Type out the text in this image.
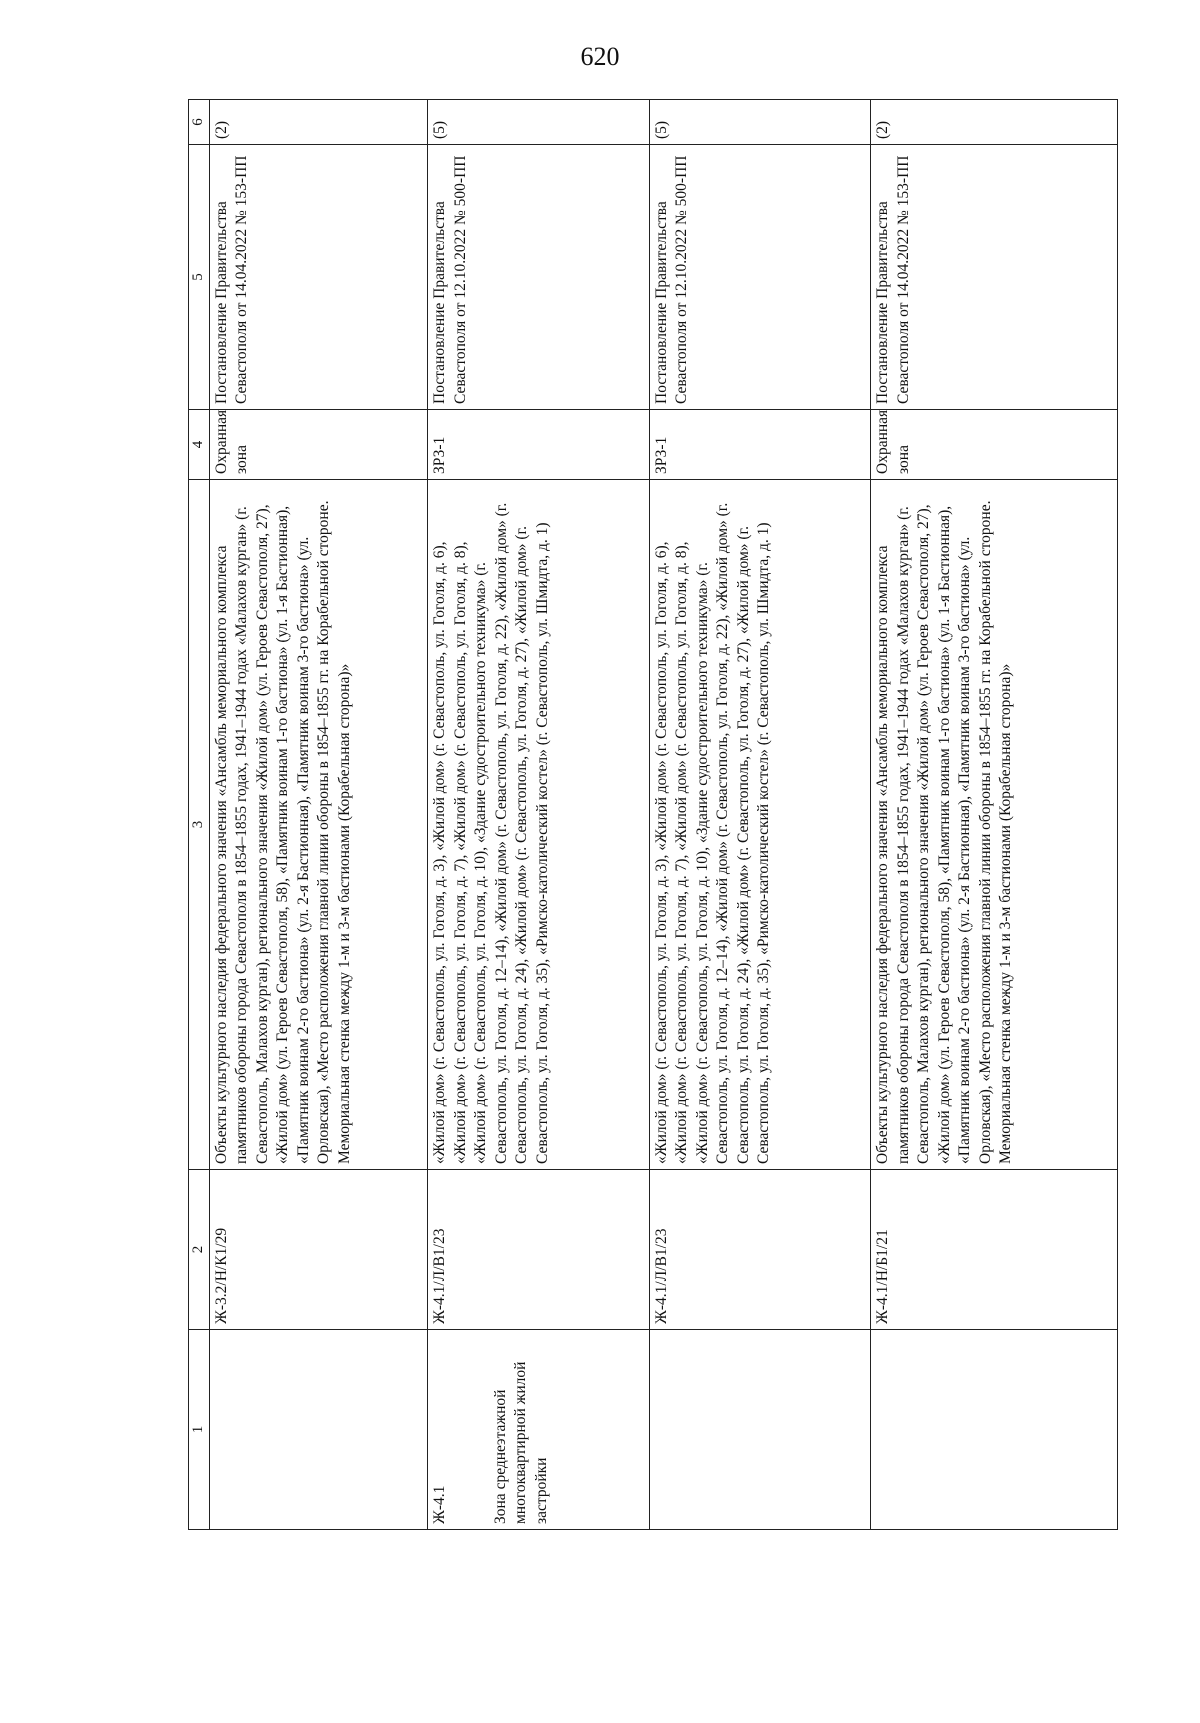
620
1	2	3	4	5	6

	Ж-3.2/Н/К1/29	Объекты культурного наследия федерального значения «Ансамбль мемориального комплекса памятников обороны города Севастополя в 1854–1855 годах, 1941–1944 годах «Малахов курган» (г. Севастополь, Малахов курган), регионального значения «Жилой дом» (ул. Героев Севастополя, 27), «Жилой дом» (ул. Героев Севастополя, 58), «Памятник воинам 1-го бастиона» (ул. 1-я Бастионная), «Памятник воинам 2-го бастиона» (ул. 2-я Бастионная), «Памятник воинам 3-го бастиона» (ул. Орловская), «Место расположения главной линии обороны в 1854–1855 гг. на Корабельной стороне. Мемориальная стенка между 1-м и 3-м бастионами (Корабельная сторона)»	Охранная зона	Постановление Правительства Севастополя от 14.04.2022 № 153-ПП	(2)

Ж-4.1 Зона среднеэтажной многоквартирной жилой застройки	Ж-4.1/Л/В1/23	«Жилой дом» (г. Севастополь, ул. Гоголя, д. 3), «Жилой дом» (г. Севастополь, ул. Гоголя, д. 6), «Жилой дом» (г. Севастополь, ул. Гоголя, д. 7), «Жилой дом» (г. Севастополь, ул. Гоголя, д. 8), «Жилой дом» (г. Севастополь, ул. Гоголя, д. 10), «Здание судостроительного техникума» (г. Севастополь, ул. Гоголя, д. 12–14), «Жилой дом» (г. Севастополь, ул. Гоголя, д. 22), «Жилой дом» (г. Севастополь, ул. Гоголя, д. 24), «Жилой дом» (г. Севастополь, ул. Гоголя, д. 27), «Жилой дом» (г. Севастополь, ул. Гоголя, д. 35), «Римско-католический костел» (г. Севастополь, ул. Шмидта, д. 1)	ЗРЗ-1	Постановление Правительства Севастополя от 12.10.2022 № 500-ПП	(5)

	Ж-4.1/Л/В1/23	«Жилой дом» (г. Севастополь, ул. Гоголя, д. 3), «Жилой дом» (г. Севастополь, ул. Гоголя, д. 6), «Жилой дом» (г. Севастополь, ул. Гоголя, д. 7), «Жилой дом» (г. Севастополь, ул. Гоголя, д. 8), «Жилой дом» (г. Севастополь, ул. Гоголя, д. 10), «Здание судостроительного техникума» (г. Севастополь, ул. Гоголя, д. 12–14), «Жилой дом» (г. Севастополь, ул. Гоголя, д. 22), «Жилой дом» (г. Севастополь, ул. Гоголя, д. 24), «Жилой дом» (г. Севастополь, ул. Гоголя, д. 27), «Жилой дом» (г. Севастополь, ул. Гоголя, д. 35), «Римско-католический костел» (г. Севастополь, ул. Шмидта, д. 1)	ЗРЗ-1	Постановление Правительства Севастополя от 12.10.2022 № 500-ПП	(5)

	Ж-4.1/Н/Б1/21	Объекты культурного наследия федерального значения «Ансамбль мемориального комплекса памятников обороны города Севастополя в 1854–1855 годах, 1941–1944 годах «Малахов курган» (г. Севастополь, Малахов курган), регионального значения «Жилой дом» (ул. Героев Севастополя, 27), «Жилой дом» (ул. Героев Севастополя, 58), «Памятник воинам 1-го бастиона» (ул. 1-я Бастионная), «Памятник воинам 2-го бастиона» (ул. 2-я Бастионная), «Памятник воинам 3-го бастиона» (ул. Орловская), «Место расположения главной линии обороны в 1854–1855 гг. на Корабельной стороне. Мемориальная стенка между 1-м и 3-м бастионами (Корабельная сторона)»	Охранная зона	Постановление Правительства Севастополя от 14.04.2022 № 153-ПП	(2)
